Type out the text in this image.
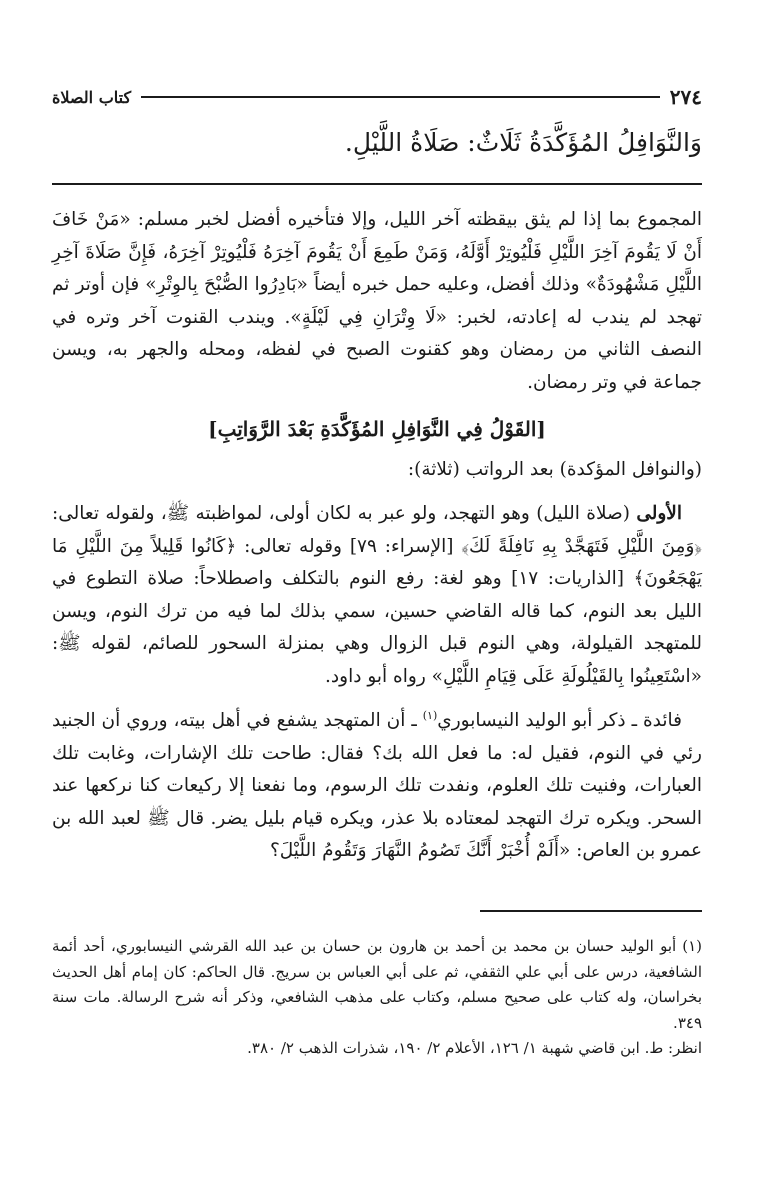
٢٧٤
كتاب الصلاة
وَالنَّوَافِلُ المُؤَكَّدَةُ ثَلَاثٌ: صَلَاةُ اللَّيْلِ.

المجموع بما إذا لم يثق بيقظته آخر الليل، وإلا فتأخيره أفضل لخبر مسلم: «مَنْ خَافَ أَنْ لَا يَقُومَ آخِرَ اللَّيْلِ فَلْيُوتِرْ أَوَّلَهُ، وَمَنْ طَمِعَ أَنْ يَقُومَ آخِرَهُ فَلْيُوتِرْ آخِرَهُ، فَإِنَّ صَلَاةَ آخِرِ اللَّيْلِ مَشْهُودَةٌ» وذلك أفضل، وعليه حمل خبره أيضاً «بَادِرُوا الصُّبْحَ بِالوِتْرِ» فإن أوتر ثم تهجد لم يندب له إعادته، لخبر: «لَا وِتْرَانِ فِي لَيْلَةٍ». ويندب القنوت آخر وتره في النصف الثاني من رمضان وهو كقنوت الصبح في لفظه، ومحله والجهر به، ويسن جماعة في وتر رمضان.

[القَوْلُ فِي النَّوَافِلِ المُؤَكَّدَةِ بَعْدَ الرَّوَاتِبِ]

(والنوافل المؤكدة) بعد الرواتب (ثلاثة):

الأولى (صلاة الليل) وهو التهجد، ولو عبر به لكان أولى، لمواظبته ﷺ، ولقوله تعالى: ﴿وَمِنَ اللَّيْلِ فَتَهَجَّدْ بِهِ نَافِلَةً لَكَ﴾ [الإسراء: ٧٩] وقوله تعالى: ﴿كَانُوا قَلِيلاً مِنَ اللَّيْلِ مَا يَهْجَعُونَ﴾ [الذاريات: ١٧] وهو لغة: رفع النوم بالتكلف واصطلاحاً: صلاة التطوع في الليل بعد النوم، كما قاله القاضي حسين، سمي بذلك لما فيه من ترك النوم، ويسن للمتهجد القيلولة، وهي النوم قبل الزوال وهي بمنزلة السحور للصائم، لقوله ﷺ: «اسْتَعِينُوا بِالقَيْلُولَةِ عَلَى قِيَامِ اللَّيْلِ» رواه أبو داود.

فائدة ـ ذكر أبو الوليد النيسابوري$^{(١)}$ ـ أن المتهجد يشفع في أهل بيته، وروي أن الجنيد رئي في النوم، فقيل له: ما فعل الله بك؟ فقال: طاحت تلك الإشارات، وغابت تلك العبارات، وفنيت تلك العلوم، ونفدت تلك الرسوم، وما نفعنا إلا ركيعات كنا نركعها عند السحر. ويكره ترك التهجد لمعتاده بلا عذر، ويكره قيام بليل يضر. قال ﷺ لعبد الله بن عمرو بن العاص: «أَلَمْ أُخْبَرْ أَنَّكَ تَصُومُ النَّهَارَ وَتَقُومُ اللَّيْلَ؟

(١)أبو الوليد حسان بن محمد بن أحمد بن هارون بن حسان بن عبد الله القرشي النيسابوري، أحد أئمة الشافعية، درس على أبي علي الثقفي، ثم على أبي العباس بن سريج. قال الحاكم: كان إمام أهل الحديث بخراسان، وله كتاب على صحيح مسلم، وكتاب على مذهب الشافعي، وذكر أنه شرح الرسالة. مات سنة ٣٤٩.

انظر: ط. ابن قاضي شهبة ١/ ١٢٦، الأعلام ٢/ ١٩٠، شذرات الذهب ٢/ ٣٨٠.
